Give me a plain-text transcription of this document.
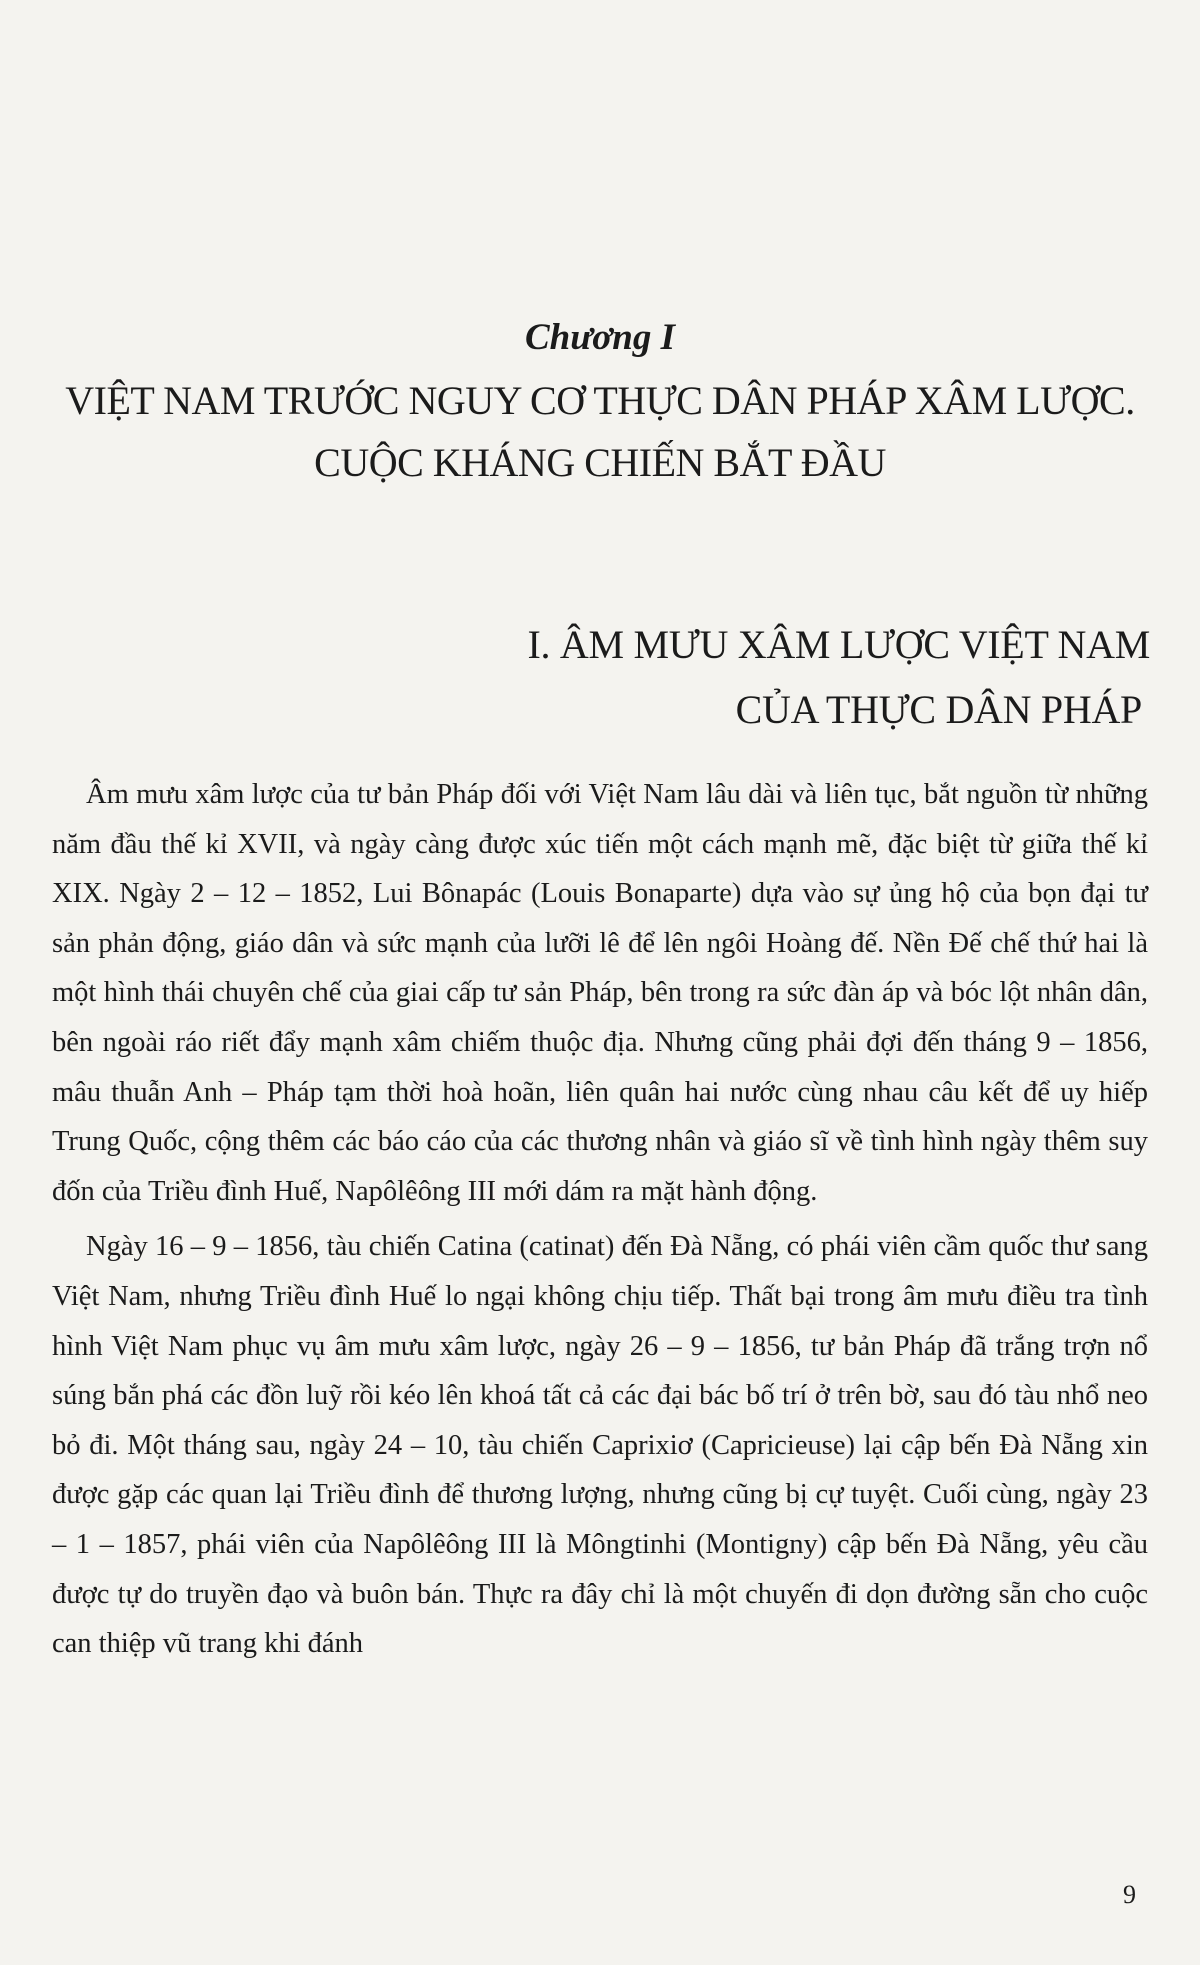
Chương I
VIỆT NAM TRƯỚC NGUY CƠ THỰC DÂN PHÁP XÂM LƯỢC.
CUỘC KHÁNG CHIẾN BẮT ĐẦU
I. ÂM MƯU XÂM LƯỢC VIỆT NAM
CỦA THỰC DÂN PHÁP

Âm mưu xâm lược của tư bản Pháp đối với Việt Nam lâu dài và liên tục, bắt nguồn từ những năm đầu thế kỉ XVII, và ngày càng được xúc tiến một cách mạnh mẽ, đặc biệt từ giữa thế kỉ XIX. Ngày 2 – 12 – 1852, Lui Bônapác (Louis Bonaparte) dựa vào sự ủng hộ của bọn đại tư sản phản động, giáo dân và sức mạnh của lưỡi lê để lên ngôi Hoàng đế. Nền Đế chế thứ hai là một hình thái chuyên chế của giai cấp tư sản Pháp, bên trong ra sức đàn áp và bóc lột nhân dân, bên ngoài ráo riết đẩy mạnh xâm chiếm thuộc địa. Nhưng cũng phải đợi đến tháng 9 – 1856, mâu thuẫn Anh – Pháp tạm thời hoà hoãn, liên quân hai nước cùng nhau câu kết để uy hiếp Trung Quốc, cộng thêm các báo cáo của các thương nhân và giáo sĩ về tình hình ngày thêm suy đốn của Triều đình Huế, Napôlêông III mới dám ra mặt hành động.

Ngày 16 – 9 – 1856, tàu chiến Catina (catinat) đến Đà Nẵng, có phái viên cầm quốc thư sang Việt Nam, nhưng Triều đình Huế lo ngại không chịu tiếp. Thất bại trong âm mưu điều tra tình hình Việt Nam phục vụ âm mưu xâm lược, ngày 26 – 9 – 1856, tư bản Pháp đã trắng trợn nổ súng bắn phá các đồn luỹ rồi kéo lên khoá tất cả các đại bác bố trí ở trên bờ, sau đó tàu nhổ neo bỏ đi. Một tháng sau, ngày 24 – 10, tàu chiến Caprixiơ (Capricieuse) lại cập bến Đà Nẵng xin được gặp các quan lại Triều đình để thương lượng, nhưng cũng bị cự tuyệt. Cuối cùng, ngày 23 – 1 – 1857, phái viên của Napôlêông III là Môngtinhi (Montigny) cập bến Đà Nẵng, yêu cầu được tự do truyền đạo và buôn bán. Thực ra đây chỉ là một chuyến đi dọn đường sẵn cho cuộc can thiệp vũ trang khi đánh

9
